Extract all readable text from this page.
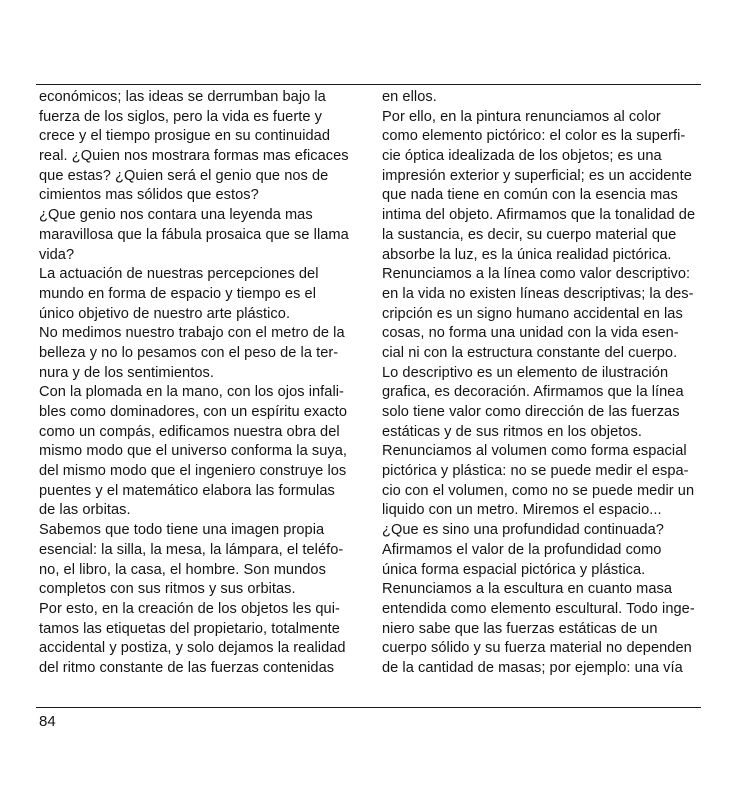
económicos; las ideas se derrumban bajo la
fuerza de los siglos, pero la vida es fuerte y
crece y el tiempo prosigue en su continuidad
real. ¿Quien nos mostrara formas mas eficaces
que estas? ¿Quien será el genio que nos de
cimientos mas sólidos que estos?
¿Que genio nos contara una leyenda mas
maravillosa que la fábula prosaica que se llama
vida?
La actuación de nuestras percepciones del
mundo en forma de espacio y tiempo es el
único objetivo de nuestro arte plástico.
No medimos nuestro trabajo con el metro de la
belleza y no lo pesamos con el peso de la ter-
nura y de los sentimientos.
Con la plomada en la mano, con los ojos infali-
bles como dominadores, con un espíritu exacto
como un compás, edificamos nuestra obra del
mismo modo que el universo conforma la suya,
del mismo modo que el ingeniero construye los
puentes y el matemático elabora las formulas
de las orbitas.
Sabemos que todo tiene una imagen propia
esencial: la silla, la mesa, la lámpara, el teléfo-
no, el libro, la casa, el hombre. Son mundos
completos con sus ritmos y sus orbitas.
Por esto, en la creación de los objetos les qui-
tamos las etiquetas del propietario, totalmente
accidental y postiza, y solo dejamos la realidad
del ritmo constante de las fuerzas contenidas
en ellos.
Por ello, en la pintura renunciamos al color
como elemento pictórico: el color es la superfi-
cie óptica idealizada de los objetos; es una
impresión exterior y superficial; es un accidente
que nada tiene en común con la esencia mas
intima del objeto. Afirmamos que la tonalidad de
la sustancia, es decir, su cuerpo material que
absorbe la luz, es la única realidad pictórica.
Renunciamos a la línea como valor descriptivo:
en la vida no existen líneas descriptivas; la des-
cripción es un signo humano accidental en las
cosas, no forma una unidad con la vida esen-
cial ni con la estructura constante del cuerpo.
Lo descriptivo es un elemento de ilustración
grafica, es decoración. Afirmamos que la línea
solo tiene valor como dirección de las fuerzas
estáticas y de sus ritmos en los objetos.
Renunciamos al volumen como forma espacial
pictórica y plástica: no se puede medir el espa-
cio con el volumen, como no se puede medir un
liquido con un metro. Miremos el espacio...
¿Que es sino una profundidad continuada?
Afirmamos el valor de la profundidad como
única forma espacial pictórica y plástica.
Renunciamos a la escultura en cuanto masa
entendida como elemento escultural. Todo inge-
niero sabe que las fuerzas estáticas de un
cuerpo sólido y su fuerza material no dependen
de la cantidad de masas; por ejemplo: una vía
84
